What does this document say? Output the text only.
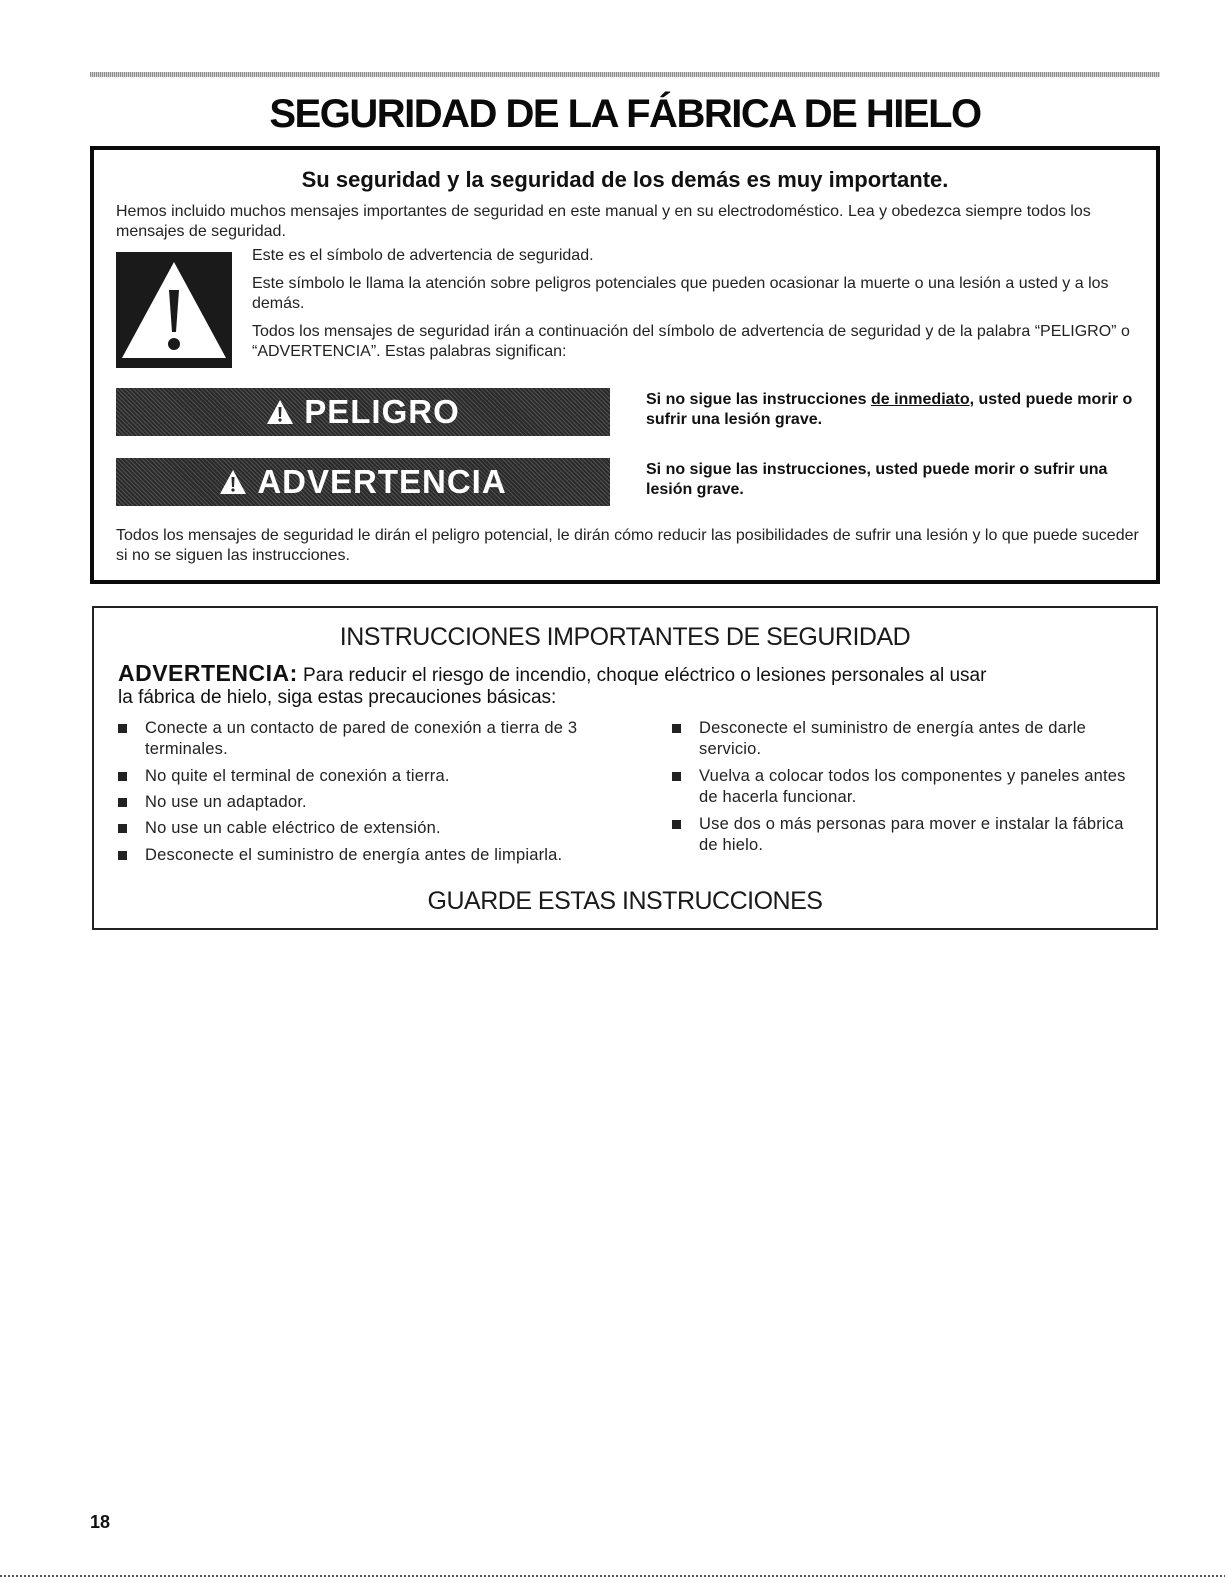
SEGURIDAD DE LA FÁBRICA DE HIELO
Su seguridad y la seguridad de los demás es muy importante.
Hemos incluido muchos mensajes importantes de seguridad en este manual y en su electrodoméstico. Lea y obedezca siempre todos los mensajes de seguridad.
Este es el símbolo de advertencia de seguridad.
Este símbolo le llama la atención sobre peligros potenciales que pueden ocasionar la muerte o una lesión a usted y a los demás.
Todos los mensajes de seguridad irán a continuación del símbolo de advertencia de seguridad y de la palabra “PELIGRO” o “ADVERTENCIA”. Estas palabras significan:
PELIGRO	Si no sigue las instrucciones de inmediato, usted puede morir o sufrir una lesión grave.
ADVERTENCIA	Si no sigue las instrucciones, usted puede morir o sufrir una lesión grave.
Todos los mensajes de seguridad le dirán el peligro potencial, le dirán cómo reducir las posibilidades de sufrir una lesión y lo que puede suceder si no se siguen las instrucciones.
INSTRUCCIONES IMPORTANTES DE SEGURIDAD
ADVERTENCIA: Para reducir el riesgo de incendio, choque eléctrico o lesiones personales al usar
la fábrica de hielo, siga estas precauciones básicas:
Conecte a un contacto de pared de conexión a tierra de 3 terminales.
No quite el terminal de conexión a tierra.
No use un adaptador.
No use un cable eléctrico de extensión.
Desconecte el suministro de energía antes de limpiarla.
Desconecte el suministro de energía antes de darle servicio.
Vuelva a colocar todos los componentes y paneles antes de hacerla funcionar.
Use dos o más personas para mover e instalar la fábrica de hielo.
GUARDE ESTAS INSTRUCCIONES
18
